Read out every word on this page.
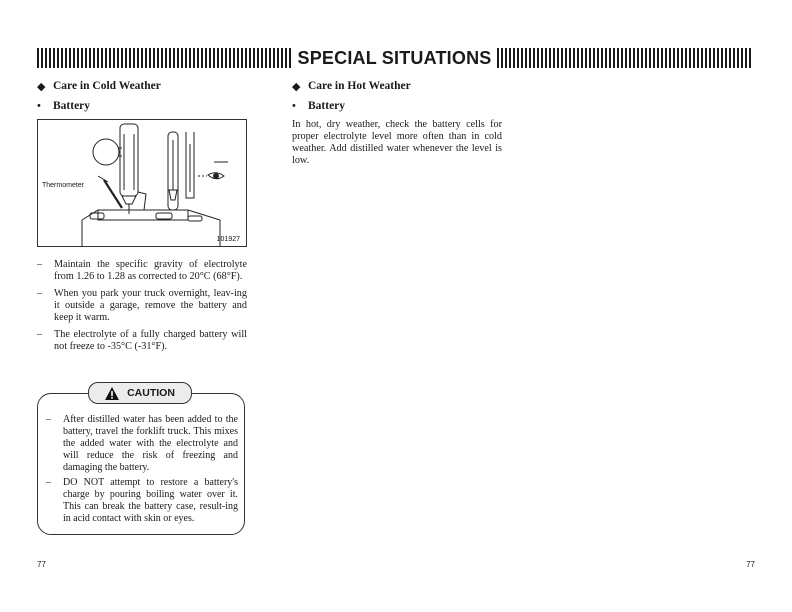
SPECIAL SITUATIONS
◆ Care in Cold Weather
•	Battery
Thermometer
101927
– Maintain the specific gravity of electrolyte from 1.26 to 1.28 as corrected to 20°C (68°F).
– When you park your truck overnight, leav-ing it outside a garage, remove the battery and keep it warm.
– The electrolyte of a fully charged battery will not freeze to -35°C (-31°F).
CAUTION
– After distilled water has been added to the battery, travel the forklift truck. This mixes the added water with the electrolyte and will reduce the risk of freezing and damaging the battery.
– DO NOT attempt to restore a battery's charge by pouring boiling water over it. This can break the battery case, result-ing in acid contact with skin or eyes.
◆ Care in Hot Weather
•	Battery

In hot, dry weather, check the battery cells for proper electrolyte level more often than in cold weather. Add distilled water whenever the level is low.

77	77
